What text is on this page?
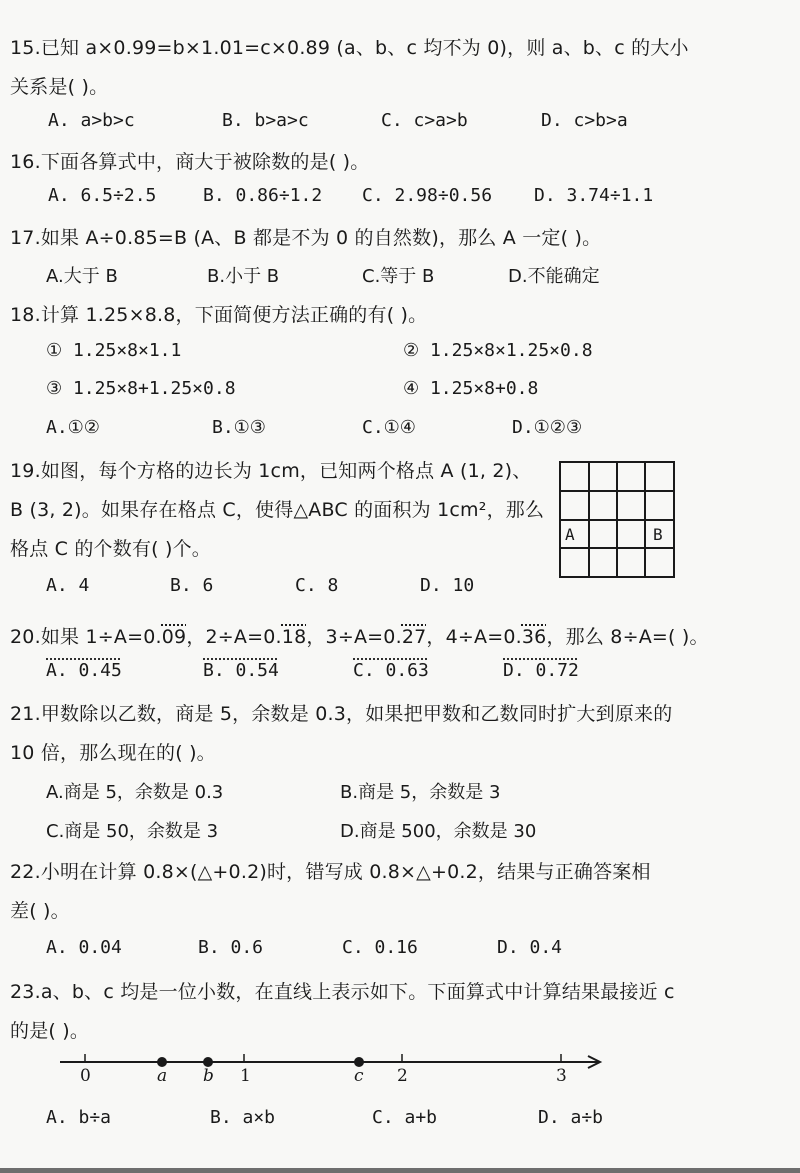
15.已知 a×0.99=b×1.01=c×0.89 (a、b、c 均不为 0)，则 a、b、c 的大小
关系是( )。
A. a>b>c	B. b>a>c	C. c>a>b	D. c>b>a
16.下面各算式中，商大于被除数的是( )。
A. 6.5÷2.5	B. 0.86÷1.2 C. 2.98÷0.56 D. 3.74÷1.1
17.如果 A÷0.85=B (A、B 都是不为 0 的自然数)，那么 A 一定( )。
A.大于 B	B.小于 B	C.等于 B	D.不能确定
18.计算 1.25×8.8，下面简便方法正确的有( )。
① 1.25×8×1.1	② 1.25×8×1.25×0.8
③ 1.25×8+1.25×0.8	④ 1.25×8+0.8
A.①②	B.①③	C.①④	D.①②③
19.如图，每个方格的边长为 1cm，已知两个格点 A (1, 2)、
B (3, 2)。如果存在格点 C，使得△ABC 的面积为 1cm²，那么
格点 C 的个数有( )个。
A. 4	B. 6	C. 8	D. 10
A	B
20.如果 1÷A=0.09，2÷A=0.18，3÷A=0.27，4÷A=0.36，那么 8÷A=( )。
A. 0.45	B. 0.54	C. 0.63	D. 0.72
21.甲数除以乙数，商是 5，余数是 0.3，如果把甲数和乙数同时扩大到原来的
10 倍，那么现在的( )。
A.商是 5，余数是 0.3	B.商是 5，余数是 3
C.商是 50，余数是 3	D.商是 500，余数是 30
22.小明在计算 0.8×(△+0.2)时，错写成 0.8×△+0.2，结果与正确答案相
差( )。
A. 0.04	B. 0.6	C. 0.16	D. 0.4
23.a、b、c 均是一位小数，在直线上表示如下。下面算式中计算结果最接近 c
的是( )。
0	a b 1	c 2	3
A. b÷a	B. a×b	C. a+b	D. a÷b
